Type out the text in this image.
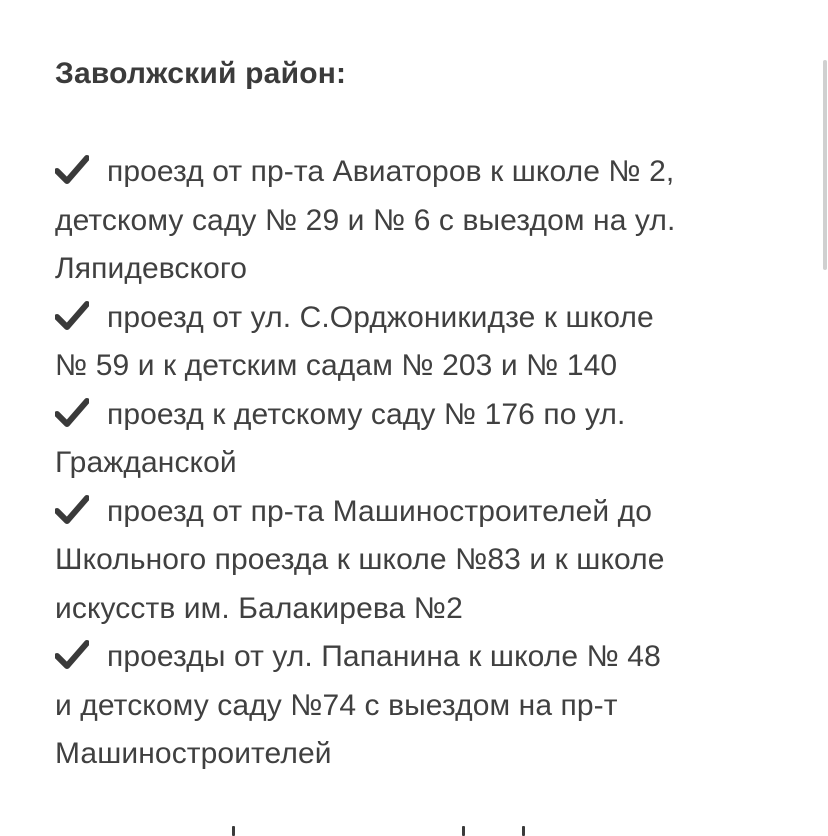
Заволжский район:
проезд от пр-та Авиаторов к школе № 2,
детскому саду № 29 и № 6 с выездом на ул.
Ляпидевского
проезд от ул. С.Орджоникидзе к школе
№ 59 и к детским садам № 203 и № 140
проезд к детскому саду № 176 по ул.
Гражданской
проезд от пр-та Машиностроителей до
Школьного проезда к школе №83 и к школе
искусств им. Балакирева №2
проезды от ул. Папанина к школе № 48
и детскому саду №74 с выездом на пр-т
Машиностроителей
